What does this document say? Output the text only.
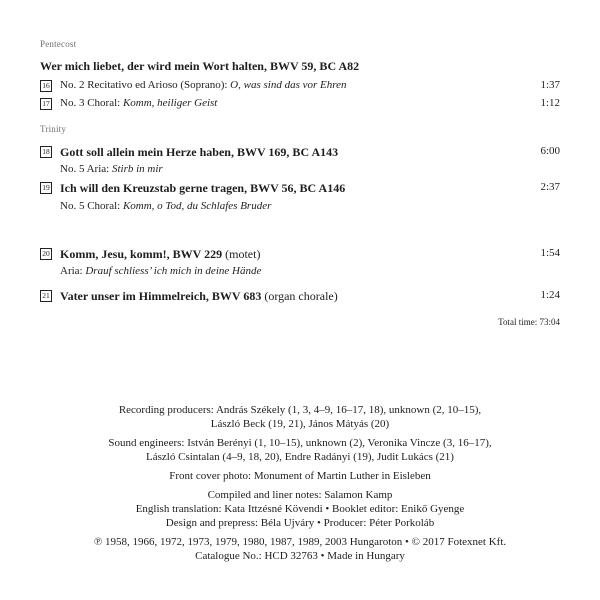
Pentecost
Wer mich liebet, der wird mein Wort halten, BWV 59, BC A82
16 No. 2 Recitativo ed Arioso (Soprano): O, was sind das vor Ehren	1:37
17 No. 3 Choral: Komm, heiliger Geist	1:12
Trinity
18 Gott soll allein mein Herze haben, BWV 169, BC A143	6:00
No. 5 Aria: Stirb in mir
19 Ich will den Kreuzstab gerne tragen, BWV 56, BC A146	2:37
No. 5 Choral: Komm, o Tod, du Schlafes Bruder
20 Komm, Jesu, komm!, BWV 229 (motet)	1:54
Aria: Drauf schliess’ ich mich in deine Hände
21 Vater unser im Himmelreich, BWV 683 (organ chorale)	1:24
Total time: 73:04
Recording producers: András Székely (1, 3, 4–9, 16–17, 18), unknown (2, 10–15),
László Beck (19, 21), János Mátyás (20)
Sound engineers: István Berényi (1, 10–15), unknown (2), Veronika Vincze (3, 16–17),
László Csintalan (4–9, 18, 20), Endre Radányi (19), Judit Lukács (21)
Front cover photo: Monument of Martin Luther in Eisleben
Compiled and liner notes: Salamon Kamp
English translation: Kata Ittzésné Kövendi • Booklet editor: Enikő Gyenge
Design and prepress: Béla Ujváry • Producer: Péter Porkoláb
℗ 1958, 1966, 1972, 1973, 1979, 1980, 1987, 1989, 2003 Hungaroton • © 2017 Fotexnet Kft.
Catalogue No.: HCD 32763 • Made in Hungary
